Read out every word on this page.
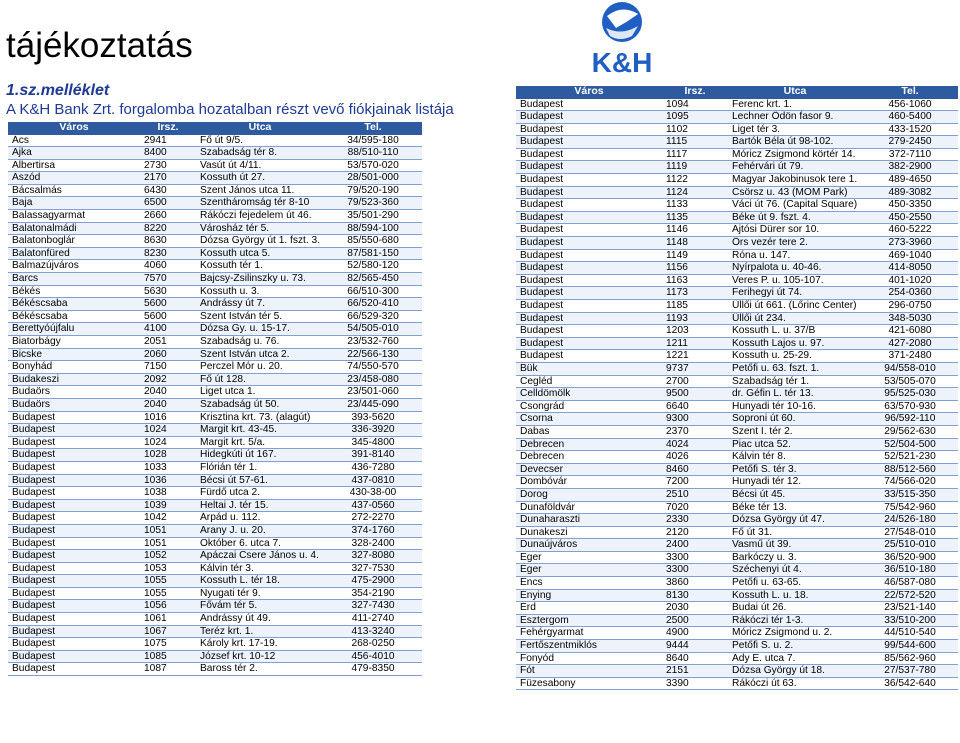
tájékoztatás
1.sz.melléklet
A K&H Bank Zrt. forgalomba hozatalban részt vevő fiókjainak listája
K&H
Város	Irsz.	Utca	Tel.
Ács	2941	Fő út 9/5.	34/595-180
Ajka	8400	Szabadság tér 8.	88/510-110
Albertirsa	2730	Vasút út 4/11.	53/570-020
Aszód	2170	Kossuth út 27.	28/501-000
Bácsalmás	6430	Szent János utca 11.	79/520-190
Baja	6500	Szentháromság tér 8-10	79/523-360
Balassagyarmat	2660	Rákóczi fejedelem út 46.	35/501-290
Balatonalmádi	8220	Városház tér 5.	88/594-100
Balatonboglár	8630	Dózsa György út 1. fszt. 3.	85/550-680
Balatonfüred	8230	Kossuth utca 5.	87/581-150
Balmazújváros	4060	Kossuth tér 1.	52/580-120
Barcs	7570	Bajcsy-Zsilinszky u. 73.	82/565-450
Békés	5630	Kossuth u. 3.	66/510-300
Békéscsaba	5600	Andrássy út 7.	66/520-410
Békéscsaba	5600	Szent István tér 5.	66/529-320
Berettyóújfalu	4100	Dózsa Gy. u. 15-17.	54/505-010
Biatorbágy	2051	Szabadság u. 76.	23/532-760
Bicske	2060	Szent István utca 2.	22/566-130
Bonyhád	7150	Perczel Mór u. 20.	74/550-570
Budakeszi	2092	Fő út 128.	23/458-080
Budaörs	2040	Liget utca 1.	23/501-060
Budaörs	2040	Szabadság út 50.	23/445-090
Budapest	1016	Krisztina krt. 73. (alagút)	393-5620
Budapest	1024	Margit krt. 43-45.	336-3920
Budapest	1024	Margit krt. 5/a.	345-4800
Budapest	1028	Hidegkúti út 167.	391-8140
Budapest	1033	Flórián tér 1.	436-7280
Budapest	1036	Bécsi út 57-61.	437-0810
Budapest	1038	Fürdő utca 2.	430-38-00
Budapest	1039	Heltai J. tér 15.	437-0560
Budapest	1042	Árpád u. 112.	272-2270
Budapest	1051	Arany J. u. 20.	374-1760
Budapest	1051	Október 6. utca 7.	328-2400
Budapest	1052	Apáczai Csere János u. 4.	327-8080
Budapest	1053	Kálvin tér 3.	327-7530
Budapest	1055	Kossuth L. tér 18.	475-2900
Budapest	1055	Nyugati tér 9.	354-2190
Budapest	1056	Fővám tér 5.	327-7430
Budapest	1061	Andrássy út 49.	411-2740
Budapest	1067	Teréz krt. 1.	413-3240
Budapest	1075	Károly krt. 17-19.	268-0250
Budapest	1085	József krt. 10-12	456-4010
Budapest	1087	Baross tér 2.	479-8350
Város	Irsz.	Utca	Tel.
Budapest	1094	Ferenc krt. 1.	456-1060
Budapest	1095	Lechner Ödön fasor 9.	460-5400
Budapest	1102	Liget tér 3.	433-1520
Budapest	1115	Bartók Béla út 98-102.	279-2450
Budapest	1117	Móricz Zsigmond körtér 14.	372-7110
Budapest	1119	Fehérvári út 79.	382-2900
Budapest	1122	Magyar Jakobinusok tere 1.	489-4650
Budapest	1124	Csörsz u. 43 (MOM Park)	489-3082
Budapest	1133	Váci út 76. (Capital Square)	450-3350
Budapest	1135	Béke út 9. fszt. 4.	450-2550
Budapest	1146	Ajtósi Dürer sor 10.	460-5222
Budapest	1148	Örs vezér tere 2.	273-3960
Budapest	1149	Róna u. 147.	469-1040
Budapest	1156	Nyírpalota u. 40-46.	414-8050
Budapest	1163	Veres P. u. 105-107.	401-1020
Budapest	1173	Ferihegyi út 74.	254-0360
Budapest	1185	Üllői út 661. (Lőrinc Center)	296-0750
Budapest	1193	Üllői út 234.	348-5030
Budapest	1203	Kossuth L. u. 37/B	421-6080
Budapest	1211	Kossuth Lajos u. 97.	427-2080
Budapest	1221	Kossuth u. 25-29.	371-2480
Bük	9737	Petőfi u. 63. fszt. 1.	94/558-010
Cegléd	2700	Szabadság tér 1.	53/505-070
Celldömölk	9500	dr. Géfin L. tér 13.	95/525-030
Csongrád	6640	Hunyadi tér 10-16.	63/570-930
Csorna	9300	Soproni út 60.	96/592-110
Dabas	2370	Szent I. tér 2.	29/562-630
Debrecen	4024	Piac utca 52.	52/504-500
Debrecen	4026	Kálvin tér 8.	52/521-230
Devecser	8460	Petőfi S. tér 3.	88/512-560
Dombóvár	7200	Hunyadi tér 12.	74/566-020
Dorog	2510	Bécsi út 45.	33/515-350
Dunaföldvár	7020	Béke tér 13.	75/542-960
Dunaharaszti	2330	Dózsa György út 47.	24/526-180
Dunakeszi	2120	Fő út 31.	27/548-010
Dunaújváros	2400	Vasmű út 39.	25/510-010
Eger	3300	Barkóczy u. 3.	36/520-900
Eger	3300	Széchenyi út 4.	36/510-180
Encs	3860	Petőfi u. 63-65.	46/587-080
Enying	8130	Kossuth L. u. 18.	22/572-520
Érd	2030	Budai út 26.	23/521-140
Esztergom	2500	Rákóczi tér 1-3.	33/510-200
Fehérgyarmat	4900	Móricz Zsigmond u. 2.	44/510-540
Fertőszentmiklós	9444	Petőfi S. u. 2.	99/544-600
Fonyód	8640	Ady E. utca 7.	85/562-960
Fót	2151	Dózsa György út 18.	27/537-780
Füzesabony	3390	Rákóczi út 63.	36/542-640
